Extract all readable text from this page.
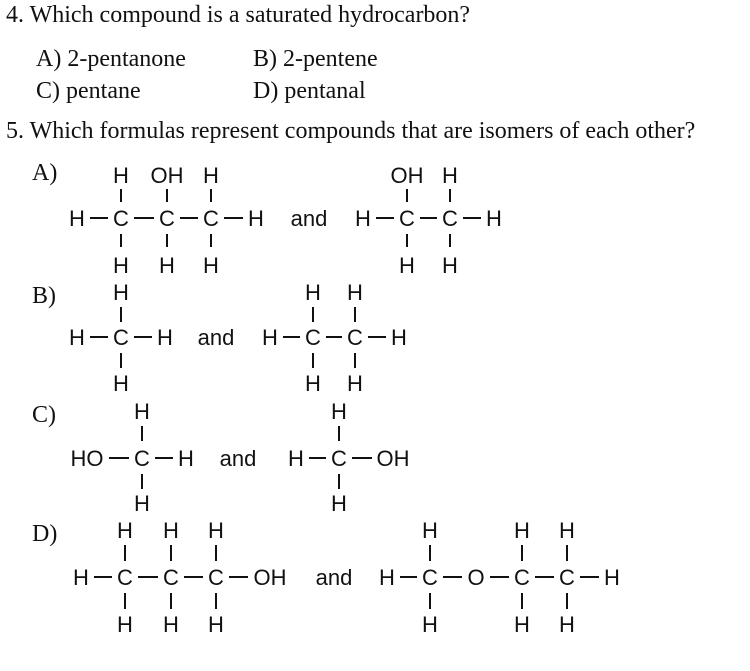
4. Which compound is a saturated hydrocarbon?
A) 2-pentanone	B) 2-pentene
C) pentane	D) pentanal
5. Which formulas represent compounds that are isomers of each other?
A)
B)
C)
D)
H OH H
H C C C H
H H H
and
OH H
H C C H
H H
H
H C H
H
and
H H
H C C H
H H
H
HO C H
H
and
H
H C OH
H
H H H
H C C C OH
H H H
and
H	H H
H C O C C H
H	H H
